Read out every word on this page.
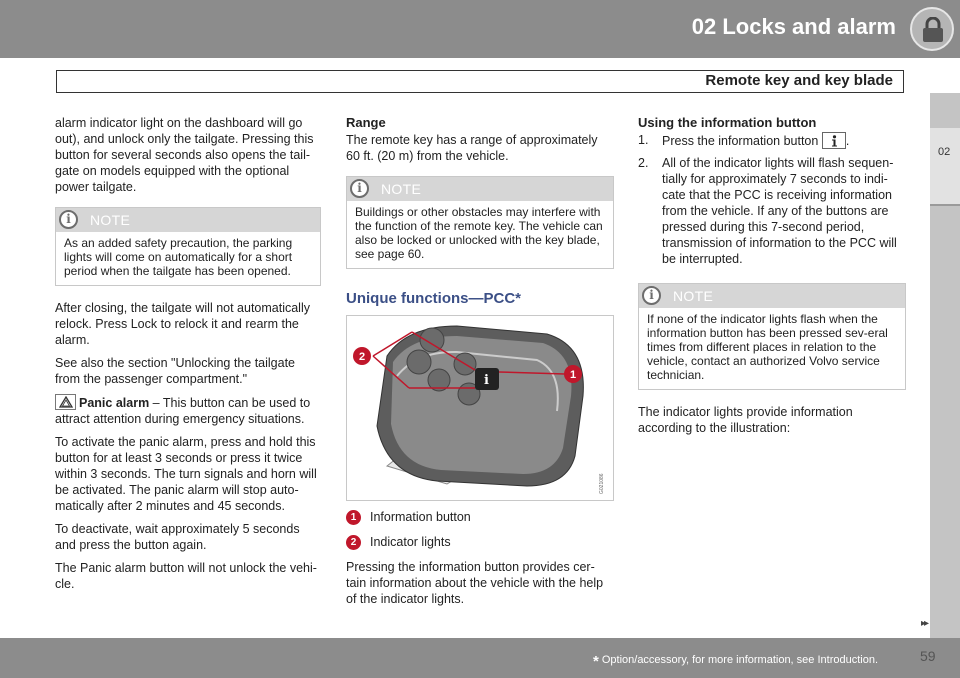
02 Locks and alarm
Remote key and key blade
02

alarm indicator light on the dashboard will go out), and unlock only the tailgate. Pressing this button for several seconds also opens the tail-gate on models equipped with the optional power tailgate.

i	NOTE
As an added safety precaution, the parking lights will come on automatically for a short period when the tailgate has been opened.

After closing, the tailgate will not automatically relock. Press Lock to relock it and rearm the alarm.

See also the section "Unlocking the tailgate from the passenger compartment."

Panic alarm – This button can be used to attract attention during emergency situations.

To activate the panic alarm, press and hold this button for at least 3 seconds or press it twice within 3 seconds. The turn signals and horn will be activated. The panic alarm will stop auto-matically after 2 minutes and 45 seconds.

To deactivate, wait approximately 5 seconds and press the button again.

The Panic alarm button will not unlock the vehi-cle.

Range

The remote key has a range of approximately 60 ft. (20 m) from the vehicle.

i	NOTE
Buildings or other obstacles may interfere with the function of the remote key. The vehicle can also be locked or unlocked with the key blade, see page 60.
Unique functions—PCC*
i
2
1
G021086
1	Information button
2	Indicator lights

Pressing the information button provides cer-tain information about the vehicle with the help of the indicator lights.

Using the information button
1. Press the information button .
2. All of the indicator lights will flash sequen-tially for approximately 7 seconds to indi-cate that the PCC is receiving information from the vehicle. If any of the buttons are pressed during this 7-second period, transmission of information to the PCC will be interrupted.
i	NOTE
If none of the indicator lights flash when the information button has been pressed sev-eral times from different places in relation to the vehicle, contact an authorized Volvo service technician.

The indicator lights provide information according to the illustration:

▸▸
* Option/accessory, for more information, see Introduction.	59
